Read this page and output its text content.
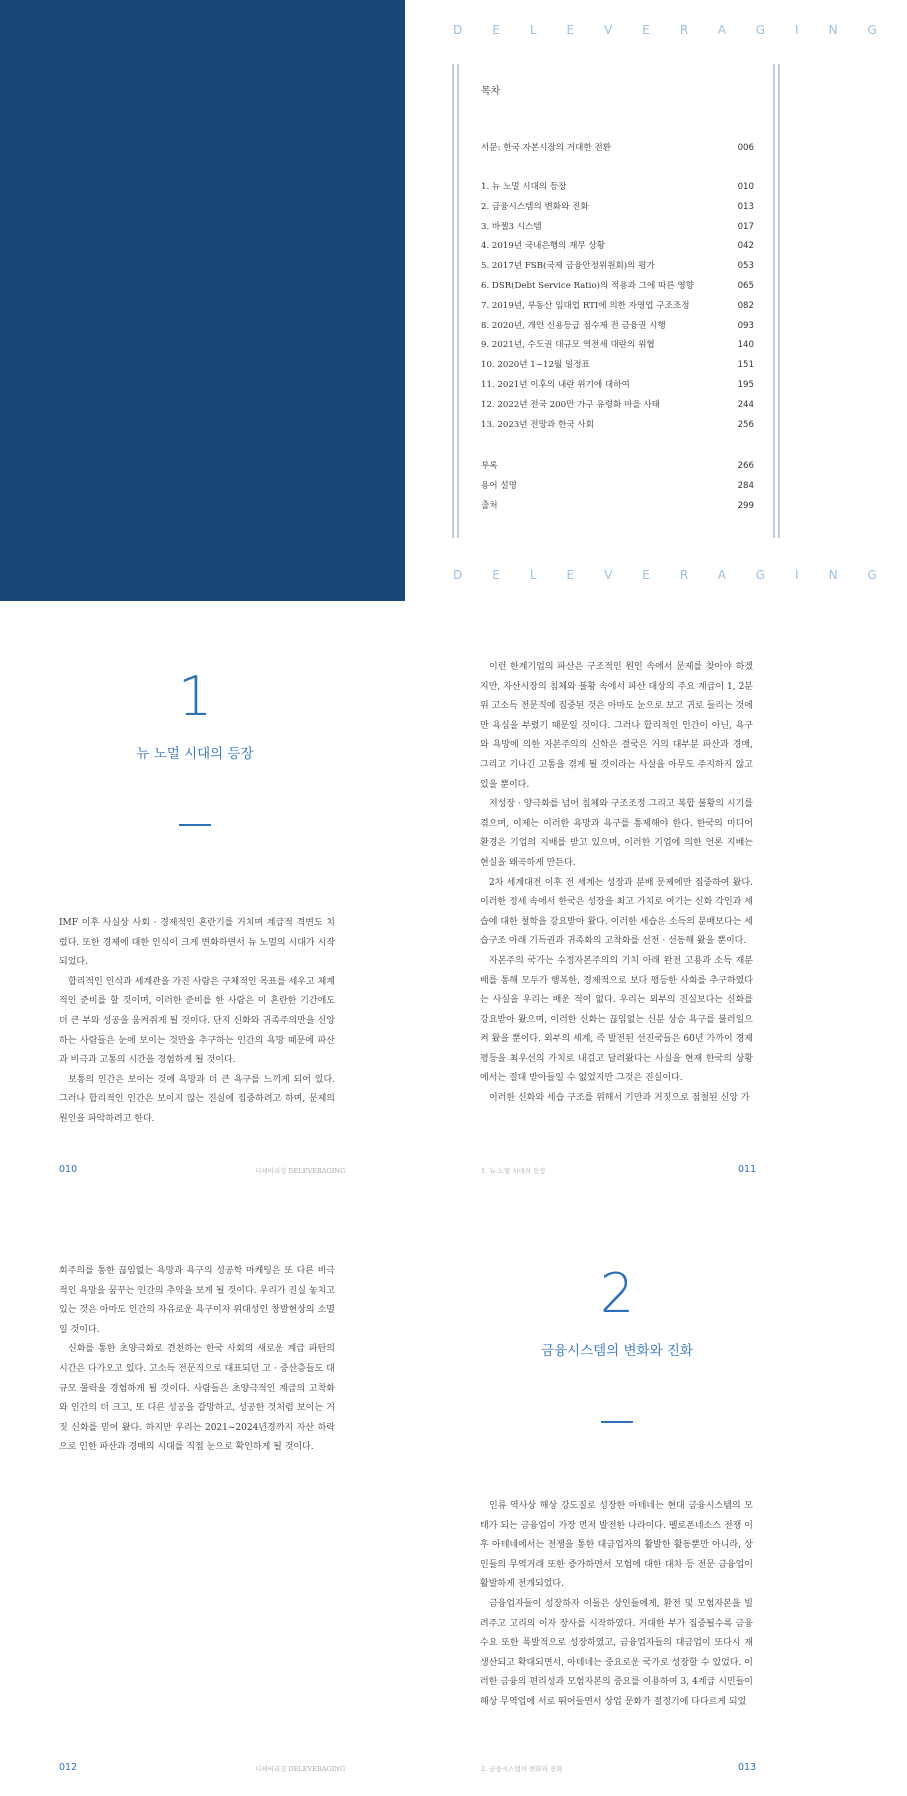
DELEVERAGING
DELEVERAGING
목차
서문: 한국 자본시장의 거대한 전환	006
1. 뉴 노멀 시대의 등장	010
2. 금융시스템의 변화와 진화	013
3. 바젤3 시스템	017
4. 2019년 국내은행의 재무 상황	042
5. 2017년 FSB(국제 금융안정위원회)의 평가	053
6. DSR(Debt Service Ratio)의 적용과 그에 따른 영향	065
7. 2019년, 부동산 임대업 RTI에 의한 자영업 구조조정	082
8. 2020년, 개인 신용등급 점수제 전 금융권 시행	093
9. 2021년, 수도권 대규모 역전세 대란의 위협	140
10. 2020년 1~12월 일정표	151
11. 2021년 이후의 내란 위기에 대하여	195
12. 2022년 전국 200만 가구 유령화 마을 사태	244
13. 2023년 전망과 한국 사회	256
부록	266
용어 설명	284
출처	299
1
뉴 노멀 시대의 등장

IMF 이후 사실상 사회 · 경제적인 혼란기를 거치며 계급적 격변도 치렀다. 또한 경제에 대한 인식이 크게 변화하면서 뉴 노멀의 시대가 시작되었다.

합리적인 인식과 세계관을 가진 사람은 구체적인 목표를 세우고 체계적인 준비를 할 것이며, 이러한 준비를 한 사람은 이 혼란한 기간에도 더 큰 부와 성공을 움켜쥐게 될 것이다. 단지 신화와 귀족주의만을 신앙하는 사람들은 눈에 보이는 것만을 추구하는 인간의 욕망 때문에 파산과 비극과 고통의 시간을 경험하게 될 것이다.

보통의 인간은 보이는 것에 욕망과 더 큰 욕구를 느끼게 되어 있다. 그러나 합리적인 인간은 보이지 않는 진실에 집중하려고 하며, 문제의 원인을 파악하려고 한다.

010	디레버리징 DELEVERAGING

이런 한계기업의 파산은 구조적인 원인 속에서 문제를 찾아야 하겠지만, 자산시장의 침체와 불황 속에서 파산 대상의 주요 계급이 1, 2분위 고소득 전문직에 집중된 것은 아마도 눈으로 보고 귀로 들리는 것에만 욕심을 부렸기 때문일 것이다. 그러나 합리적인 인간이 아닌, 욕구와 욕망에 의한 자본주의의 신학은 결국은 거의 대부분 파산과 경매, 그리고 기나긴 고통을 겪게 될 것이라는 사실을 아무도 주지하지 않고 있을 뿐이다.

저성장 · 양극화를 넘어 침체와 구조조정 그리고 복합 불황의 시기를 겪으며, 이제는 이러한 욕망과 욕구를 통제해야 한다. 한국의 미디어 환경은 기업의 지배를 받고 있으며, 이러한 기업에 의한 언론 지배는 현실을 왜곡하게 만든다.

2차 세계대전 이후 전 세계는 성장과 분배 문제에만 집중하여 왔다. 이러한 정세 속에서 한국은 성장을 최고 가치로 여기는 신화 각인과 세습에 대한 철학을 강요받아 왔다. 이러한 세습은 소득의 분배보다는 세습구조 아래 기득권과 귀족화의 고착화를 선전 · 선동해 왔을 뿐이다.

자본주의 국가는 수정자본주의의 기치 아래 완전 고용과 소득 재분배를 통해 모두가 행복한, 경제적으로 보다 평등한 사회를 추구하였다는 사실을 우리는 배운 적이 없다. 우리는 외부의 진실보다는 신화를 강요받아 왔으며, 이러한 신화는 끊임없는 신분 상승 욕구를 불러일으켜 왔을 뿐이다. 외부의 세계, 즉 발전된 선진국들은 60년 가까이 경제 평등을 최우선의 가치로 내걸고 달려왔다는 사실을 현재 한국의 상황에서는 절대 받아들일 수 없었지만 그것은 진실이다.

이러한 신화와 세습 구조를 위해서 기만과 거짓으로 점철된 신앙 가

1. 뉴 노멀 시대의 등장	011

회주의를 통한 끊임없는 욕망과 욕구의 성공학 마케팅은 또 다른 비극적인 욕망을 꿈꾸는 인간의 추악을 보게 될 것이다. 우리가 진실 놓치고 있는 것은 아마도 인간의 자유로운 욕구이자 위대성인 창발현상의 소멸일 것이다.

신화를 통한 초양극화로 견천하는 한국 사회의 새로운 계급 파탄의 시간은 다가오고 있다. 고소득 전문직으로 대표되던 고 · 중산층들도 대규모 몰락을 경험하게 될 것이다. 사람들은 초양극적인 계급의 고착화와 인간의 더 크고, 또 다른 성공을 갈망하고, 성공한 것처럼 보이는 거짓 신화를 믿어 왔다. 하지만 우리는 2021~2024년경까지 자산 하락으로 인한 파산과 경매의 시대를 직접 눈으로 확인하게 될 것이다.

012	디레버리징 DELEVERAGING
2
금융시스템의 변화와 진화

인류 역사상 해상 강도질로 성장한 아테네는 현대 금융시스템의 모태가 되는 금융업이 가장 먼저 발전한 나라이다. 펠로폰네소스 전쟁 이후 아테네에서는 전쟁을 통한 대금업자의 활발한 활동뿐만 아니라, 상인들의 무역거래 또한 증가하면서 모험에 대한 대차 등 전문 금융업이 활발하게 전개되었다.

금융업자들이 성장하자 이들은 상인들에게, 환전 및 모험자본을 빌려주고 고리의 이자 장사를 시작하였다. 거대한 부가 집중될수록 금융 수요 또한 폭발적으로 성장하였고, 금융업자들의 대금업이 또다시 재생산되고 확대되면서, 아테네는 중요로운 국가로 성장할 수 있었다. 이러한 금융의 편리성과 모험자본의 중요를 이용하여 3, 4계급 시민들이 해상 무역업에 서로 뛰어들면서 상업 문화가 절정기에 다다르게 되었

2. 금융시스템의 변화와 진화	013
